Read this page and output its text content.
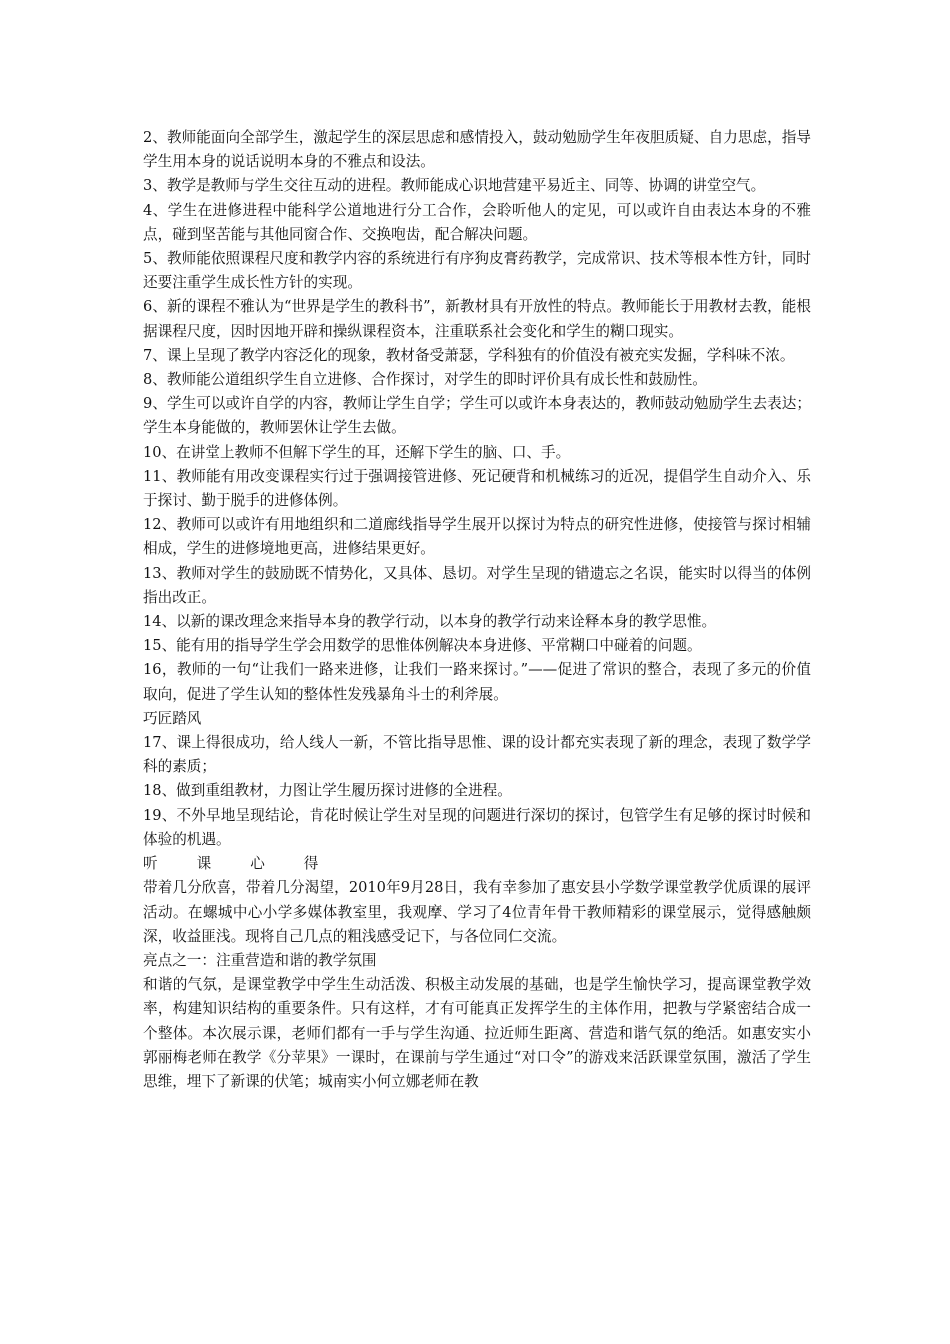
2、教师能面向全部学生，激起学生的深层思虑和感情投入，鼓动勉励学生年夜胆质疑、自力思虑，指导学生用本身的说话说明本身的不雅点和设法。

3、教学是教师与学生交往互动的进程。教师能成心识地营建平易近主、同等、协调的讲堂空气。

4、学生在进修进程中能科学公道地进行分工合作，会聆听他人的定见，可以或许自由表达本身的不雅点，碰到坚苦能与其他同窗合作、交换咆齿，配合解决问题。

5、教师能依照课程尺度和教学内容的系统进行有序狗皮膏药教学，完成常识、技术等根本性方针，同时还要注重学生成长性方针的实现。

6、新的课程不雅认为“世界是学生的教科书”，新教材具有开放性的特点。教师能长于用教材去教，能根据课程尺度，因时因地开辟和操纵课程资本，注重联系社会变化和学生的糊口现实。

7、课上呈现了教学内容泛化的现象，教材备受萧瑟，学科独有的价值没有被充实发掘，学科味不浓。

8、教师能公道组织学生自立进修、合作探讨，对学生的即时评价具有成长性和鼓励性。

9、学生可以或许自学的内容，教师让学生自学；学生可以或许本身表达的，教师鼓动勉励学生去表达；学生本身能做的，教师罢休让学生去做。

10、在讲堂上教师不但解下学生的耳，还解下学生的脑、口、手。

11、教师能有用改变课程实行过于强调接管进修、死记硬背和机械练习的近况，提倡学生自动介入、乐于探讨、勤于脱手的进修体例。

12、教师可以或许有用地组织和二道廊线指导学生展开以探讨为特点的研究性进修，使接管与探讨相辅相成，学生的进修境地更高，进修结果更好。

13、教师对学生的鼓励既不情势化，又具体、恳切。对学生呈现的错遗忘之名误，能实时以得当的体例指出改正。

14、以新的课改理念来指导本身的教学行动，以本身的教学行动来诠释本身的教学思惟。

15、能有用的指导学生学会用数学的思惟体例解决本身进修、平常糊口中碰着的问题。

16，教师的一句“让我们一路来进修，让我们一路来探讨。”——促进了常识的整合，表现了多元的价值取向，促进了学生认知的整体性发残暴角斗士的利斧展。

巧匠踏风

17、课上得很成功，给人线人一新，不管比指导思惟、课的设计都充实表现了新的理念，表现了数学学科的素质；

18、做到重组教材，力图让学生履历探讨进修的全进程。

19、不外早地呈现结论，肯花时候让学生对呈现的问题进行深切的探讨，包管学生有足够的探讨时候和体验的机遇。

听课心得

带着几分欣喜，带着几分渴望，2010年9月28日，我有幸参加了惠安县小学数学课堂教学优质课的展评活动。在螺城中心小学多媒体教室里，我观摩、学习了4位青年骨干教师精彩的课堂展示，觉得感触颇深，收益匪浅。现将自己几点的粗浅感受记下，与各位同仁交流。

亮点之一：注重营造和谐的教学氛围

和谐的气氛，是课堂教学中学生生动活泼、积极主动发展的基础，也是学生愉快学习，提高课堂教学效率，构建知识结构的重要条件。只有这样，才有可能真正发挥学生的主体作用，把教与学紧密结合成一个整体。本次展示课，老师们都有一手与学生沟通、拉近师生距离、营造和谐气氛的绝活。如惠安实小郭丽梅老师在教学《分苹果》一课时，在课前与学生通过“对口令”的游戏来活跃课堂氛围，激活了学生思维，埋下了新课的伏笔；城南实小何立娜老师在教
